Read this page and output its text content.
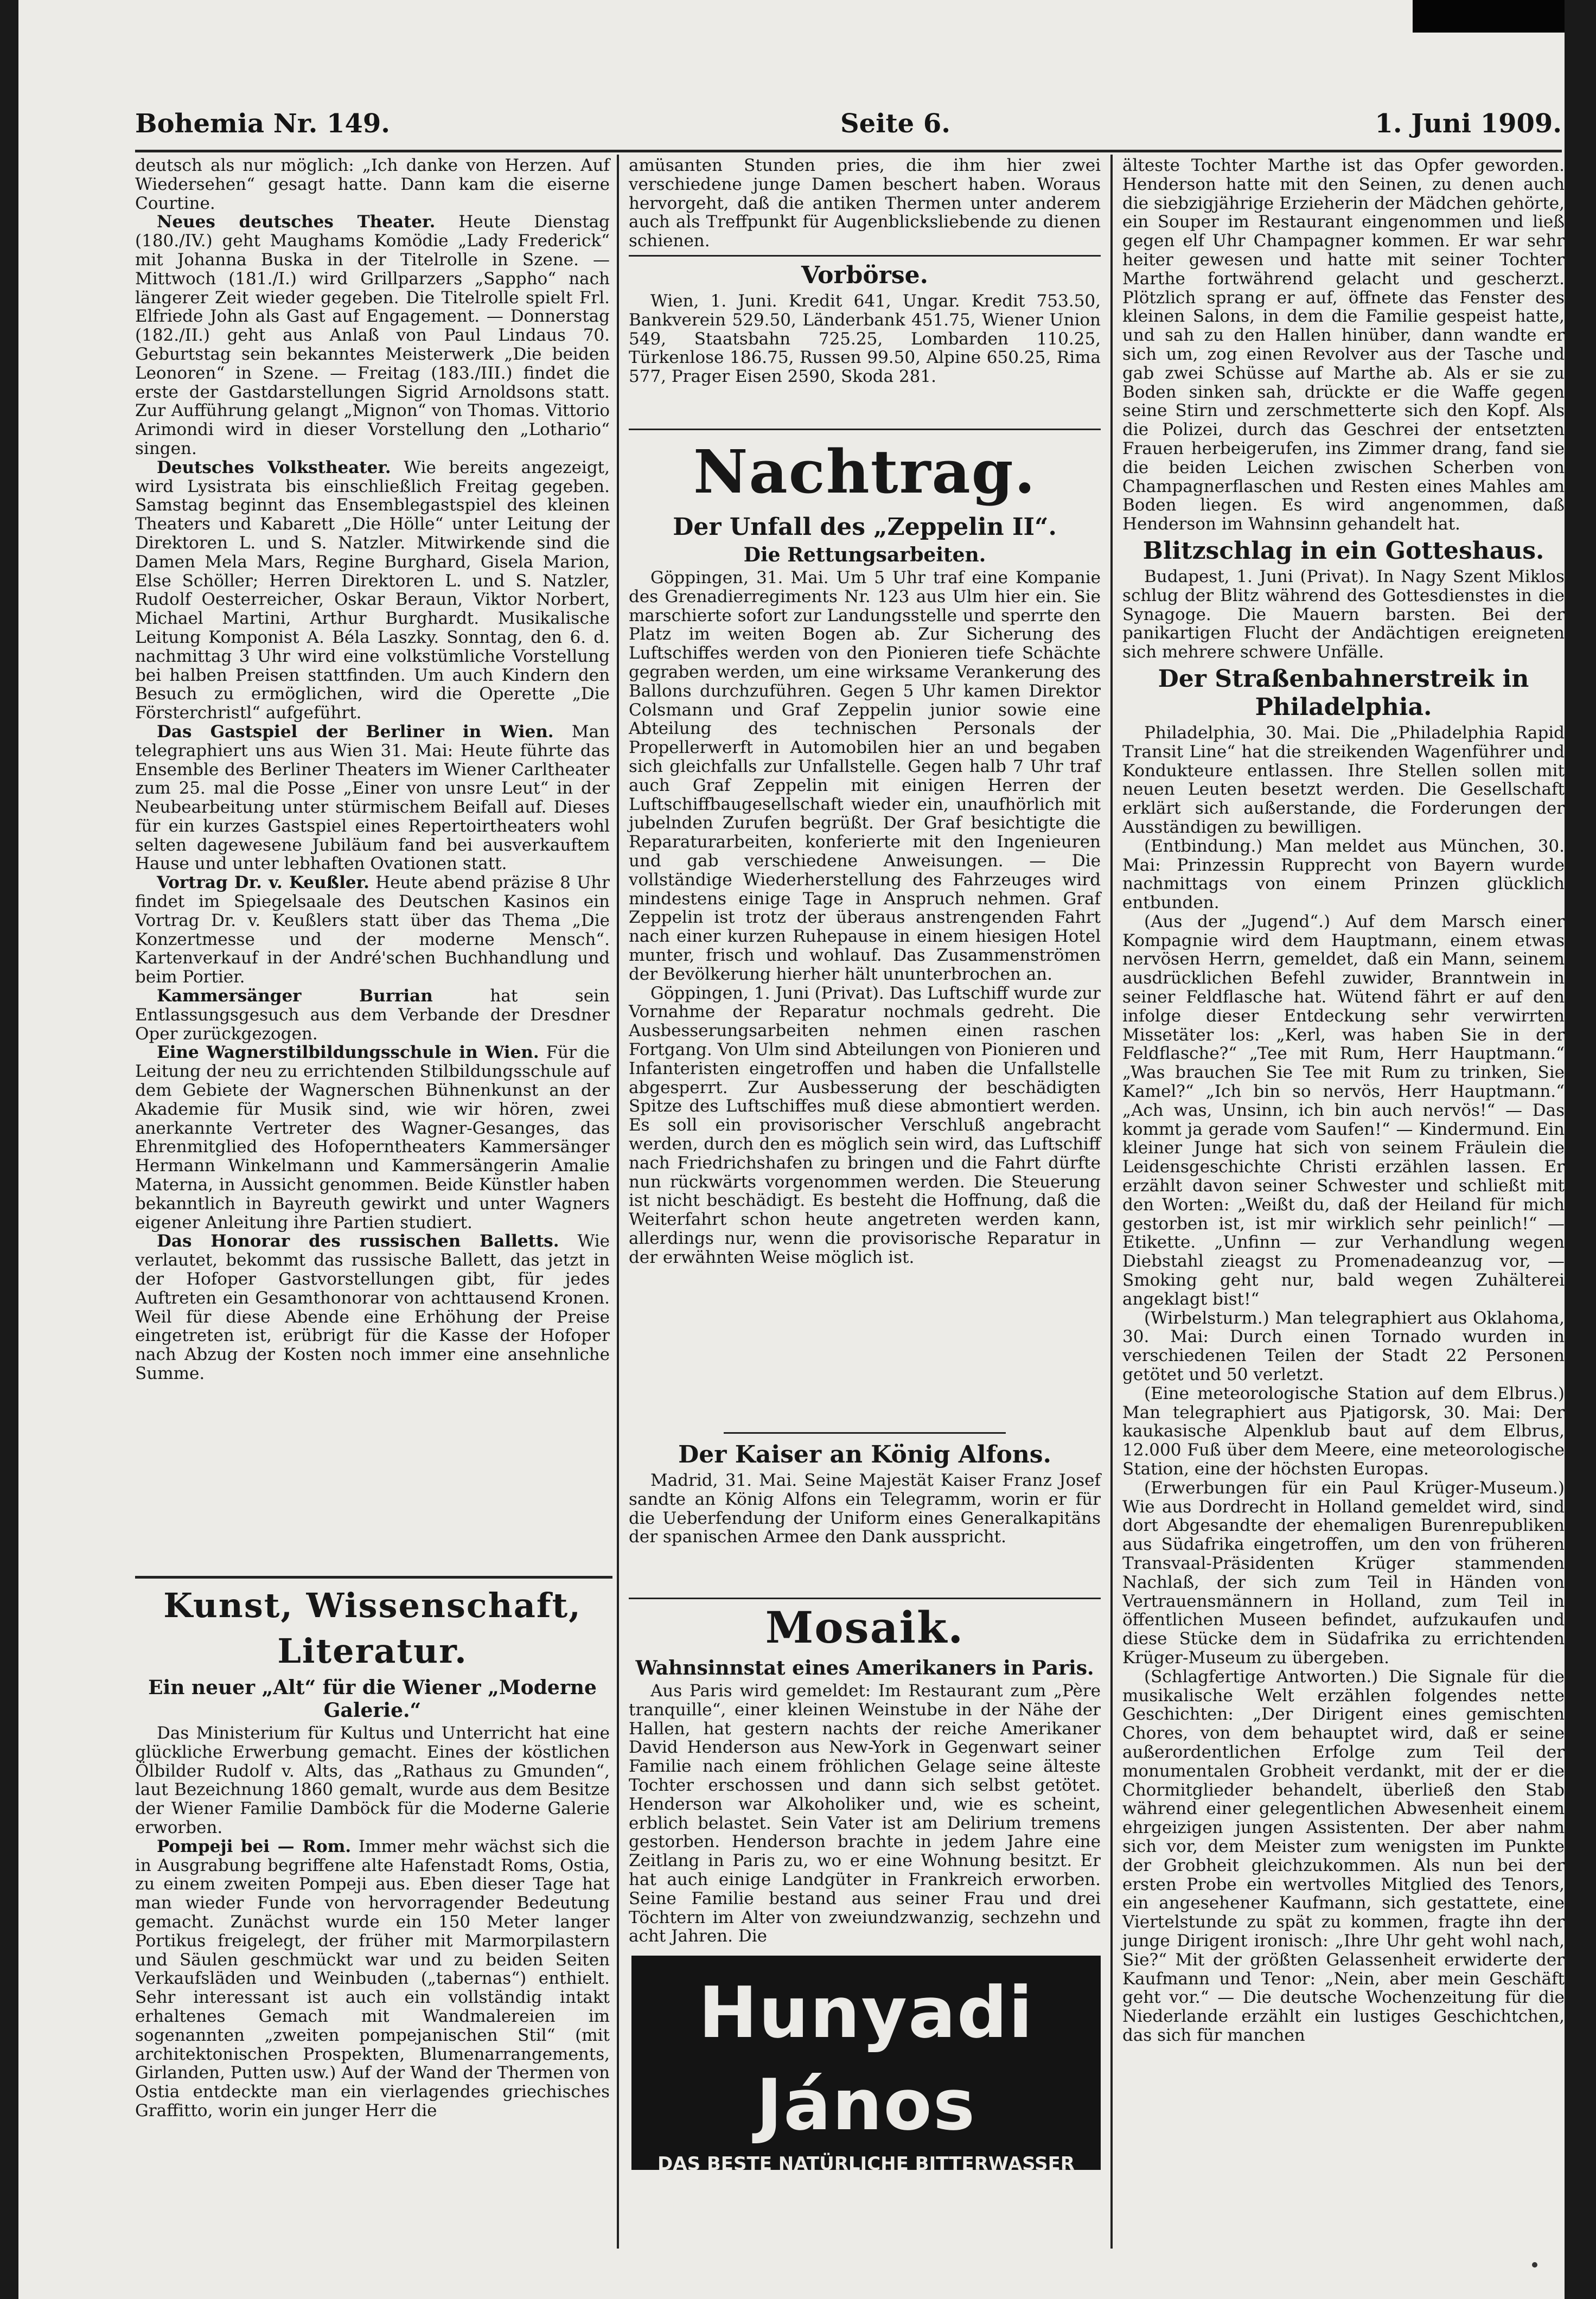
Bohemia Nr. 149.	Seite 6.	1. Juni 1909.

deutsch als nur möglich: „Ich danke von Herzen. Auf Wiedersehen“ gesagt hatte. Dann kam die eiserne Courtine.

Neues deutsches Theater. Heute Dienstag (180./IV.) geht Maughams Komödie „Lady Frederick“ mit Johanna Buska in der Titelrolle in Szene. — Mittwoch (181./I.) wird Grillparzers „Sappho“ nach längerer Zeit wieder gegeben. Die Titelrolle spielt Frl. Elfriede John als Gast auf Engagement. — Donnerstag (182./II.) geht aus Anlaß von Paul Lindaus 70. Geburtstag sein bekanntes Meisterwerk „Die beiden Leonoren“ in Szene. — Freitag (183./III.) findet die erste der Gastdarstellungen Sigrid Arnoldsons statt. Zur Aufführung gelangt „Mignon“ von Thomas. Vittorio Arimondi wird in dieser Vorstellung den „Lothario“ singen.

Deutsches Volkstheater. Wie bereits angezeigt, wird Lysistrata bis einschließlich Freitag gegeben. Samstag beginnt das Ensemblegastspiel des kleinen Theaters und Kabarett „Die Hölle“ unter Leitung der Direktoren L. und S. Natzler. Mitwirkende sind die Damen Mela Mars, Regine Burghard, Gisela Marion, Else Schöller; Herren Direktoren L. und S. Natzler, Rudolf Oesterreicher, Oskar Beraun, Viktor Norbert, Michael Martini, Arthur Burghardt. Musikalische Leitung Komponist A. Béla Laszky. Sonntag, den 6. d. nachmittag 3 Uhr wird eine volkstümliche Vorstellung bei halben Preisen stattfinden. Um auch Kindern den Besuch zu ermöglichen, wird die Operette „Die Försterchristl“ aufgeführt.

Das Gastspiel der Berliner in Wien. Man telegraphiert uns aus Wien 31. Mai: Heute führte das Ensemble des Berliner Theaters im Wiener Carltheater zum 25. mal die Posse „Einer von unsre Leut“ in der Neubearbeitung unter stürmischem Beifall auf. Dieses für ein kurzes Gastspiel eines Repertoirtheaters wohl selten dagewesene Jubiläum fand bei ausverkauftem Hause und unter lebhaften Ovationen statt.

Vortrag Dr. v. Keußler. Heute abend präzise 8 Uhr findet im Spiegelsaale des Deutschen Kasinos ein Vortrag Dr. v. Keußlers statt über das Thema „Die Konzertmesse und der moderne Mensch“. Kartenverkauf in der André'schen Buchhandlung und beim Portier.

Kammersänger Burrian	hat sein Entlassungsgesuch aus dem Verbande der Dresdner Oper zurückgezogen.

Eine Wagnerstilbildungsschule in Wien. Für die Leitung der neu zu errichtenden Stilbildungsschule auf dem Gebiete der Wagnerschen Bühnenkunst an der Akademie für Musik sind, wie wir hören, zwei anerkannte Vertreter des Wagner-Gesanges, das Ehrenmitglied des Hofoperntheaters Kammersänger Hermann Winkelmann und Kammersängerin Amalie Materna, in Aussicht genommen. Beide Künstler haben bekanntlich in Bayreuth gewirkt und unter Wagners eigener Anleitung ihre Partien studiert.

Das Honorar des russischen Balletts. Wie verlautet, bekommt das russische Ballett, das jetzt in der Hofoper Gastvorstellungen gibt, für jedes Auftreten ein Gesamthonorar von achttausend Kronen. Weil für diese Abende eine Erhöhung der Preise eingetreten ist, erübrigt für die Kasse der Hofoper nach Abzug der Kosten noch immer eine ansehnliche Summe.

Kunst, Wissenschaft, Literatur.
Ein neuer „Alt“ für die Wiener „Moderne Galerie.“

Das Ministerium für Kultus und Unterricht hat eine glückliche Erwerbung gemacht. Eines der köstlichen Ölbilder Rudolf v. Alts, das „Rathaus zu Gmunden“, laut Bezeichnung 1860 gemalt, wurde aus dem Besitze der Wiener Familie Damböck für die Moderne Galerie erworben.

Pompeji bei — Rom. Immer mehr wächst sich die in Ausgrabung begriffene alte Hafenstadt Roms, Ostia, zu einem zweiten Pompeji aus. Eben dieser Tage hat man wieder Funde von hervorragender Bedeutung gemacht. Zunächst wurde ein 150 Meter langer Portikus freigelegt, der früher mit Marmorpilastern und Säulen geschmückt war und zu beiden Seiten Verkaufsläden und Weinbuden („tabernas“) enthielt. Sehr interessant ist auch ein vollständig intakt erhaltenes Gemach mit Wandmalereien im sogenannten „zweiten pompejanischen Stil“ (mit architektonischen Prospekten, Blumenarrangements, Girlanden, Putten usw.) Auf der Wand der Thermen von Ostia entdeckte man ein vierlagendes griechisches Graffitto, worin ein junger Herr die

amüsanten Stunden pries, die ihm hier zwei verschiedene junge Damen beschert haben. Woraus hervorgeht, daß die antiken Thermen unter anderem auch als Treffpunkt für Augenblicksliebende zu dienen schienen.

Vorbörse.

Wien, 1. Juni. Kredit 641, Ungar. Kredit 753.50, Bankverein 529.50, Länderbank 451.75, Wiener Union 549, Staatsbahn 725.25, Lombarden 110.25, Türkenlose 186.75, Russen 99.50, Alpine 650.25, Rima 577, Prager Eisen 2590, Skoda 281.

Nachtrag.
Der Unfall des „Zeppelin II“.
Die Rettungsarbeiten.

Göppingen, 31. Mai. Um 5 Uhr traf eine Kompanie des Grenadierregiments Nr. 123 aus Ulm hier ein. Sie marschierte sofort zur Landungsstelle und sperrte den Platz im weiten Bogen ab. Zur Sicherung des Luftschiffes werden von den Pionieren tiefe Schächte gegraben werden, um eine wirksame Verankerung des Ballons durchzuführen. Gegen 5 Uhr kamen Direktor Colsmann und Graf Zeppelin junior sowie eine Abteilung des technischen Personals der Propellerwerft in Automobilen hier an und begaben sich gleichfalls zur Unfallstelle. Gegen halb 7 Uhr traf auch Graf Zeppelin mit einigen Herren der Luftschiffbaugesellschaft wieder ein, unaufhörlich mit jubelnden Zurufen begrüßt. Der Graf besichtigte die Reparaturarbeiten, konferierte mit den Ingenieuren und gab verschiedene Anweisungen. — Die vollständige Wiederherstellung des Fahrzeuges wird mindestens einige Tage in Anspruch nehmen. Graf Zeppelin ist trotz der überaus anstrengenden Fahrt nach einer kurzen Ruhepause in einem hiesigen Hotel munter, frisch und wohlauf. Das Zusammenströmen der Bevölkerung hierher hält ununterbrochen an.

Göppingen, 1. Juni (Privat). Das Luftschiff wurde zur Vornahme der Reparatur nochmals gedreht. Die Ausbesserungsarbeiten nehmen einen raschen Fortgang. Von Ulm sind Abteilungen von Pionieren und Infanteristen eingetroffen und haben die Unfallstelle abgesperrt. Zur Ausbesserung der beschädigten Spitze des Luftschiffes muß diese abmontiert werden. Es soll ein provisorischer Verschluß angebracht werden, durch den es möglich sein wird, das Luftschiff nach Friedrichshafen zu bringen und die Fahrt dürfte nun rückwärts vorgenommen werden. Die Steuerung ist nicht beschädigt. Es besteht die Hoffnung, daß die Weiterfahrt schon heute angetreten werden kann, allerdings nur, wenn die provisorische Reparatur in der erwähnten Weise möglich ist.

Der Kaiser an König Alfons.

Madrid, 31. Mai. Seine Majestät Kaiser Franz Josef sandte an König Alfons ein Telegramm, worin er für die Ueberfendung der Uniform eines Generalkapitäns der spanischen Armee den Dank ausspricht.

Mosaik.
Wahnsinnstat eines Amerikaners in Paris.

Aus Paris wird gemeldet: Im Restaurant zum „Père tranquille“, einer kleinen Weinstube in der Nähe der Hallen, hat gestern nachts der reiche Amerikaner David Henderson aus New-York in Gegenwart seiner Familie nach einem fröhlichen Gelage seine älteste Tochter erschossen und dann sich selbst getötet. Henderson war Alkoholiker und, wie es scheint, erblich belastet. Sein Vater ist am Delirium tremens gestorben. Henderson brachte in jedem Jahre eine Zeitlang in Paris zu, wo er eine Wohnung besitzt. Er hat auch einige Landgüter in Frankreich erworben. Seine Familie bestand aus seiner Frau und drei Töchtern im Alter von zweiundzwanzig, sechzehn und acht Jahren. Die

Hunyadi János
DAS BESTE NATÜRLICHE BITTERWASSER
EIN NATURSCHATZ VON WELTRUF. MILD, ZUVERLÄSSIG
BESITZER: ANDREAS SAXLEHNER BUDAPEST. K.u.K. HOFLIEFERANT
1909

älteste Tochter Marthe ist das Opfer geworden. Henderson hatte mit den Seinen, zu denen auch die siebzigjährige Erzieherin der Mädchen gehörte, ein Souper im Restaurant eingenommen und ließ gegen elf Uhr Champagner kommen. Er war sehr heiter gewesen und hatte mit seiner Tochter Marthe fortwährend gelacht und gescherzt. Plötzlich sprang er auf, öffnete das Fenster des kleinen Salons, in dem die Familie gespeist hatte, und sah zu den Hallen hinüber, dann wandte er sich um, zog einen Revolver aus der Tasche und gab zwei Schüsse auf Marthe ab. Als er sie zu Boden sinken sah, drückte er die Waffe gegen seine Stirn und zerschmetterte sich den Kopf. Als die Polizei, durch das Geschrei der entsetzten Frauen herbeigerufen, ins Zimmer drang, fand sie die beiden Leichen zwischen Scherben von Champagnerflaschen und Resten eines Mahles am Boden liegen. Es wird angenommen, daß Henderson im Wahnsinn gehandelt hat.

Blitzschlag in ein Gotteshaus.

Budapest, 1. Juni (Privat). In Nagy Szent Miklos schlug der Blitz während des Gottesdienstes in die Synagoge. Die Mauern barsten. Bei der panikartigen Flucht der Andächtigen ereigneten sich mehrere schwere Unfälle.

Der Straßenbahnerstreik in Philadelphia.

Philadelphia, 30. Mai. Die „Philadelphia Rapid Transit Line“ hat die streikenden Wagenführer und Kondukteure entlassen. Ihre Stellen sollen mit neuen Leuten besetzt werden. Die Gesellschaft erklärt sich außerstande, die Forderungen der Ausständigen zu bewilligen.

(Entbindung.) Man meldet aus München, 30. Mai: Prinzessin Rupprecht von Bayern wurde nachmittags von einem Prinzen glücklich entbunden.

(Aus der „Jugend“.) Auf dem Marsch einer Kompagnie wird dem Hauptmann, einem etwas nervösen Herrn, gemeldet, daß ein Mann, seinem ausdrücklichen Befehl zuwider, Branntwein in seiner Feldflasche hat. Wütend fährt er auf den infolge dieser Entdeckung sehr verwirrten Missetäter los: „Kerl, was haben Sie in der Feldflasche?“ „Tee mit Rum, Herr Hauptmann.“ „Was brauchen Sie Tee mit Rum zu trinken, Sie Kamel?“ „Ich bin so nervös, Herr Hauptmann.“ „Ach was, Unsinn, ich bin auch nervös!“ — Das kommt ja gerade vom Saufen!“ — Kindermund. Ein kleiner Junge hat sich von seinem Fräulein die Leidensgeschichte Christi erzählen lassen. Er erzählt davon seiner Schwester und schließt mit den Worten: „Weißt du, daß der Heiland für mich gestorben ist, ist mir wirklich sehr peinlich!“ — Etikette. „Unfinn — zur Verhandlung wegen Diebstahl zieagst zu Promenadeanzug vor, — Smoking geht nur, bald wegen Zuhälterei angeklagt bist!“

(Wirbelsturm.) Man telegraphiert aus Oklahoma, 30. Mai: Durch einen Tornado wurden in verschiedenen Teilen der Stadt 22 Personen getötet und 50 verletzt.

(Eine meteorologische Station auf dem Elbrus.) Man telegraphiert aus Pjatigorsk, 30. Mai: Der kaukasische Alpenklub baut auf dem Elbrus, 12.000 Fuß über dem Meere, eine meteorologische Station, eine der höchsten Europas.

(Erwerbungen für ein Paul Krüger-Museum.) Wie aus Dordrecht in Holland gemeldet wird, sind dort Abgesandte der ehemaligen Burenrepubliken aus Südafrika eingetroffen, um den von früheren Transvaal-Präsidenten Krüger stammenden Nachlaß, der sich zum Teil in Händen von Vertrauensmännern in Holland, zum Teil in öffentlichen Museen befindet, aufzukaufen und diese Stücke dem in Südafrika zu errichtenden Krüger-Museum zu übergeben.

(Schlagfertige Antworten.) Die Signale für die musikalische Welt erzählen folgendes nette Geschichten: „Der Dirigent eines gemischten Chores, von dem behauptet wird, daß er seine außerordentlichen Erfolge zum Teil der monumentalen Grobheit verdankt, mit der er die Chormitglieder behandelt, überließ den Stab während einer gelegentlichen Abwesenheit einem ehrgeizigen jungen Assistenten. Der aber nahm sich vor, dem Meister zum wenigsten im Punkte der Grobheit gleichzukommen. Als nun bei der ersten Probe ein wertvolles Mitglied des Tenors, ein angesehener Kaufmann, sich gestattete, eine Viertelstunde zu spät zu kommen, fragte ihn der junge Dirigent ironisch: „Ihre Uhr geht wohl nach, Sie?“ Mit der größten Gelassenheit erwiderte der Kaufmann und Tenor: „Nein, aber mein Geschäft geht vor.“ — Die deutsche Wochenzeitung für die Niederlande erzählt ein lustiges Geschichtchen, das sich für manchen
